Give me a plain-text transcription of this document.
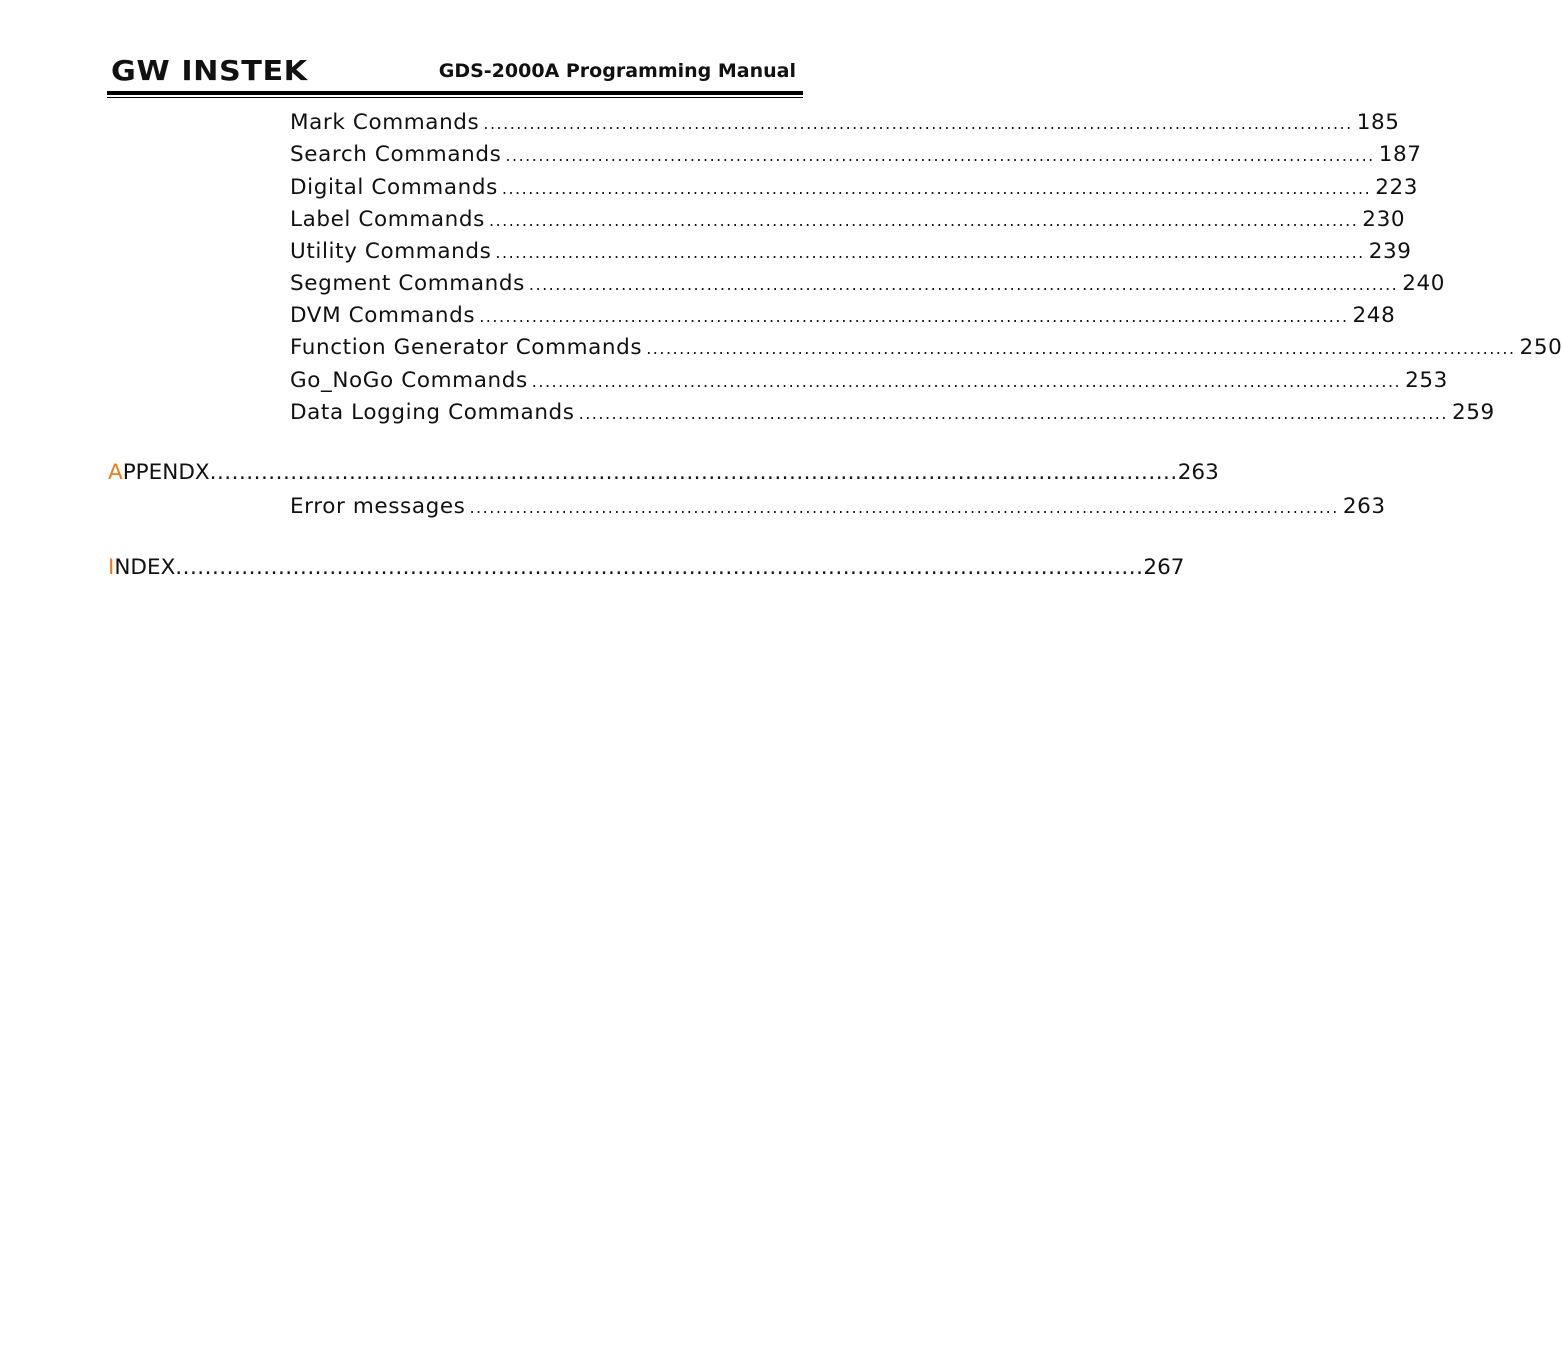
GW INSTEK	GDS-2000A Programming Manual
Mark Commands .................................................................................................................................... 185
Search Commands .................................................................................................................................... 187
Digital Commands .................................................................................................................................... 223
Label Commands .................................................................................................................................... 230
Utility Commands .................................................................................................................................... 239
Segment Commands .................................................................................................................................... 240
DVM Commands .................................................................................................................................... 248
Function Generator Commands .................................................................................................................................... 250
Go_NoGo Commands .................................................................................................................................... 253
Data Logging Commands .................................................................................................................................... 259
A PPENDX .................................................................................................................................... 263
Error messages .................................................................................................................................... 263
I NDEX .................................................................................................................................... 267
